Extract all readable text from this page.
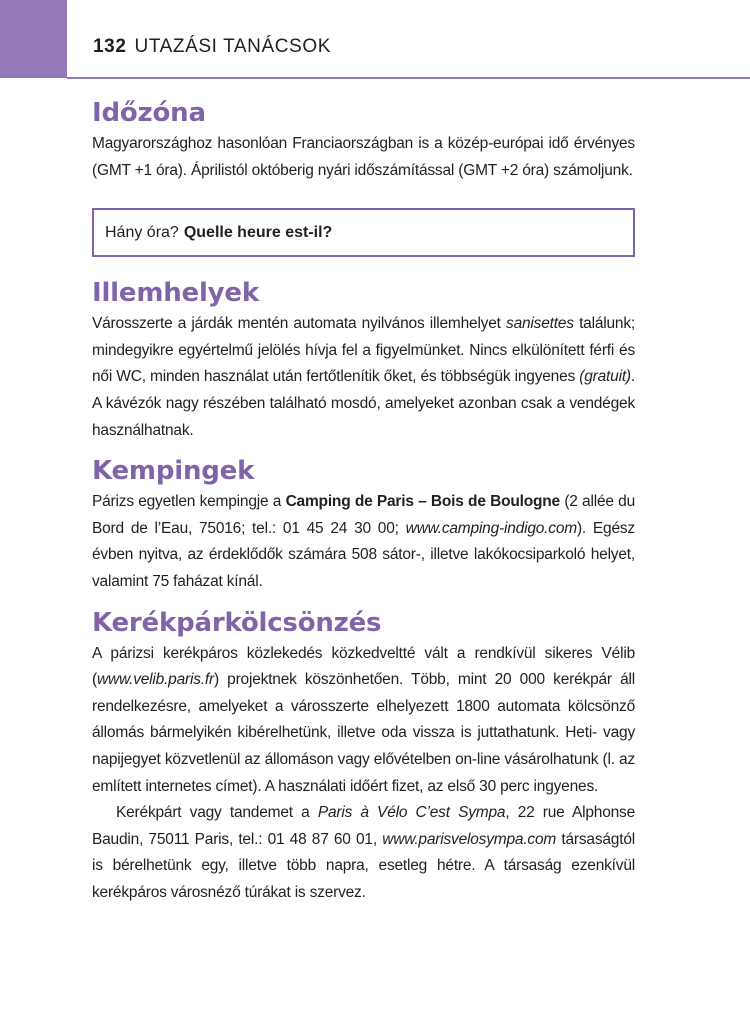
132 UTAZÁSI TANÁCSOK
Időzóna

Magyarországhoz hasonlóan Franciaországban is a közép-európai idő érvényes (GMT +1 óra). Áprilistól októberig nyári időszámítással (GMT +2 óra) számoljunk.

Hány óra? Quelle heure est-il?
Illemhelyek

Városszerte a járdák mentén automata nyilvános illemhelyet sanisettes találunk; mindegyikre egyértelmű jelölés hívja fel a figyelmünket. Nincs elkülönített férfi és női WC, minden használat után fertőtlenítik őket, és többségük ingyenes (gratuit). A kávézók nagy részében található mosdó, amelyeket azonban csak a vendégek használhatnak.

Kempingek

Párizs egyetlen kempingje a Camping de Paris – Bois de Boulogne (2 allée du Bord de l’Eau, 75016; tel.: 01 45 24 30 00; www.camping-indigo.com). Egész évben nyitva, az érdeklődők számára 508 sátor-, illetve lakókocsiparkoló helyet, valamint 75 faházat kínál.

Kerékpárkölcsönzés

A párizsi kerékpáros közlekedés közkedveltté vált a rendkívül sikeres Vélib (www.velib.paris.fr) projektnek köszönhetően. Több, mint 20 000 kerékpár áll rendelkezésre, amelyeket a városszerte elhelyezett 1800 automata kölcsönző állomás bármelyikén kibérelhetünk, illetve oda vissza is juttathatunk. Heti- vagy napijegyet közvetlenül az állomáson vagy elővételben on-line vásárolhatunk (l. az említett internetes címet). A használati időért fizet, az első 30 perc ingyenes.

Kerékpárt vagy tandemet a Paris à Vélo C’est Sympa, 22 rue Alphonse Baudin, 75011 Paris, tel.: 01 48 87 60 01, www.parisvelosympa.com társaságtól is bérelhetünk egy, illetve több napra, esetleg hétre. A társaság ezenkívül kerékpáros városnéző túrákat is szervez.
